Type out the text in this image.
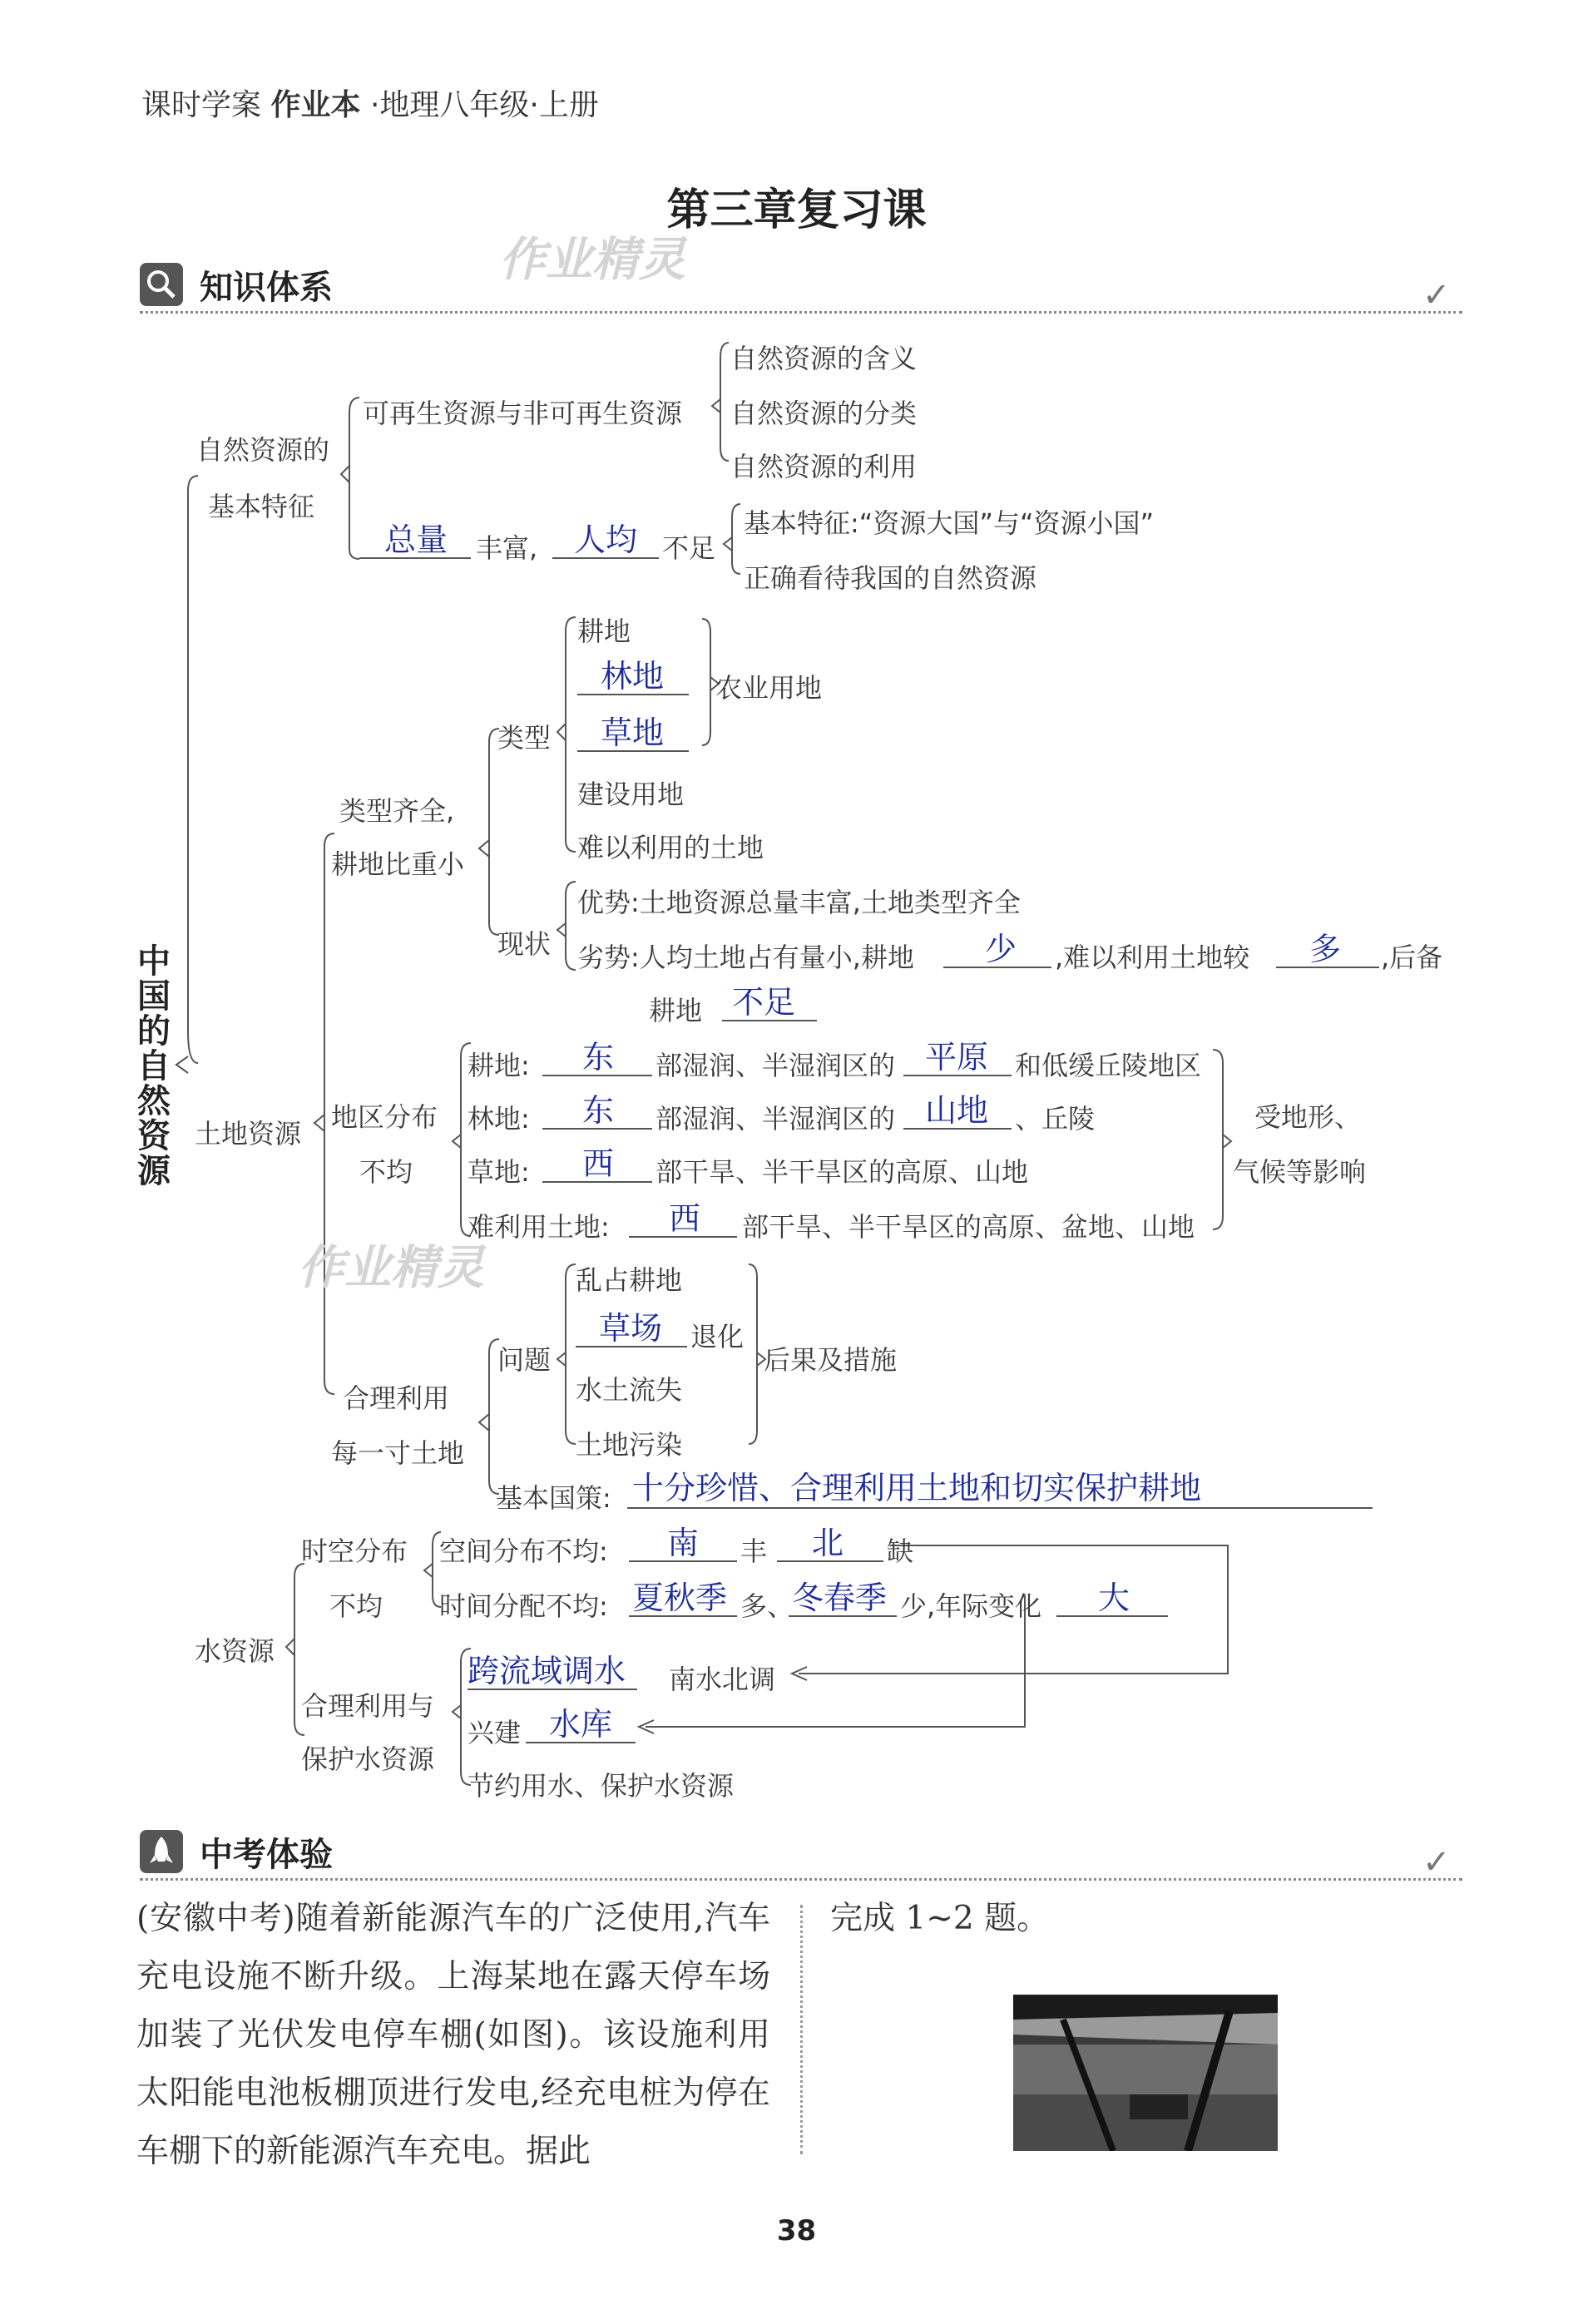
课时学案 作业本 ·地理八年级·上册
第三章复习课
知识体系	✓
作业精灵
中国的自然资源
自然资源的
基本特征
可再生资源与非可再生资源
自然资源的含义
自然资源的分类
自然资源的利用
总量 丰富, 人均 不足
基本特征:“资源大国”与“资源小国”
正确看待我国的自然资源
土地资源
类型齐全,
耕地比重小
类型
耕地
林地
草地
农业用地
建设用地
难以利用的土地
现状
优势:土地资源总量丰富,土地类型齐全
劣势:人均土地占有量小,耕地 少 ,难以利用土地较 多 ,后备
耕地 不足
地区分布
不均
耕地: 东 部湿润、半湿润区的 平原 和低缓丘陵地区
林地: 东 部湿润、半湿润区的 山地 、丘陵
草地: 西 部干旱、半干旱区的高原、山地
难利用土地: 西 部干旱、半干旱区的高原、盆地、山地
受地形、
气候等影响
作业精灵
合理利用
每一寸土地
问题
乱占耕地
草场 退化
水土流失
土地污染
后果及措施
基本国策: 十分珍惜、合理利用土地和切实保护耕地
水资源
时空分布
不均
空间分布不均: 南 丰 北 缺
时间分配不均: 夏秋季 多、
冬春季 少,年际变化 大
合理利用与
保护水资源
跨流域调水 南水北调
兴建 水库
节约用水、保护水资源
中考体验	✓
(安徽中考)随着新能源汽车的广泛使用,汽车充电设施不断升级。上海某地在露天停车场加装了光伏发电停车棚(如图)。该设施利用太阳能电池板棚顶进行发电,经充电桩为停在车棚下的新能源汽车充电。据此
完成 1~2 题。
38
